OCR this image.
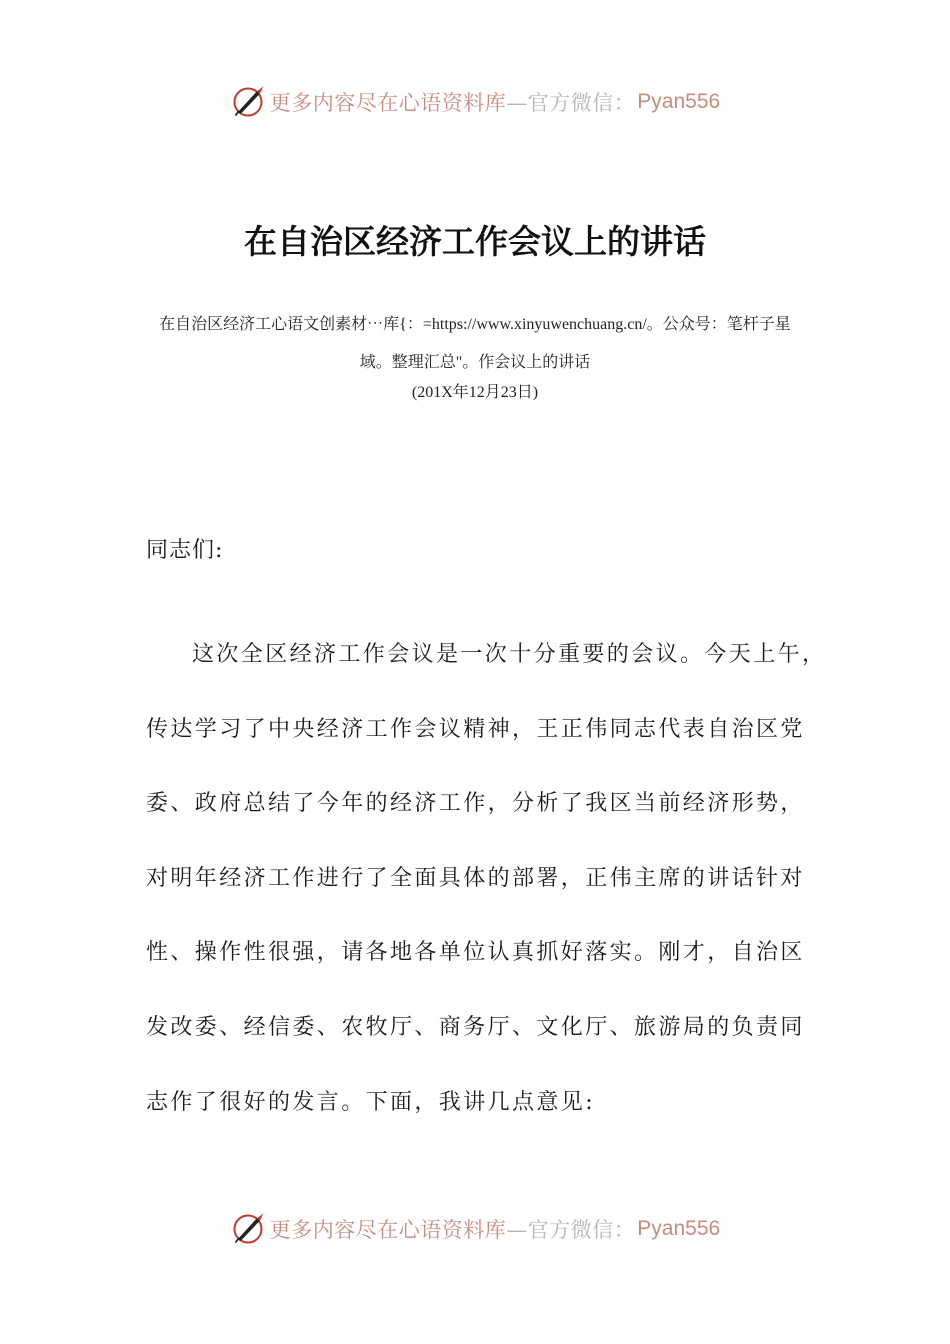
更多内容尽在心语资料库 —官方微信： Pyan556
在自治区经济工作会议上的讲话
在自治区经济工心语文创素材⋯库{：=https://www.xinyuwenchuang.cn/。公众号：笔杆子星
域。整理汇总"。作会议上的讲话
(201X年12月23日)
同志们:
这次全区经济工作会议是一次十分重要的会议。今天上午，
传达学习了中央经济工作会议精神，王正伟同志代表自治区党
委、政府总结了今年的经济工作，分析了我区当前经济形势，
对明年经济工作进行了全面具体的部署，正伟主席的讲话针对
性、操作性很强，请各地各单位认真抓好落实。刚才，自治区
发改委、经信委、农牧厅、商务厅、文化厅、旅游局的负责同
志作了很好的发言。下面，我讲几点意见:
更多内容尽在心语资料库 —官方微信： Pyan556
